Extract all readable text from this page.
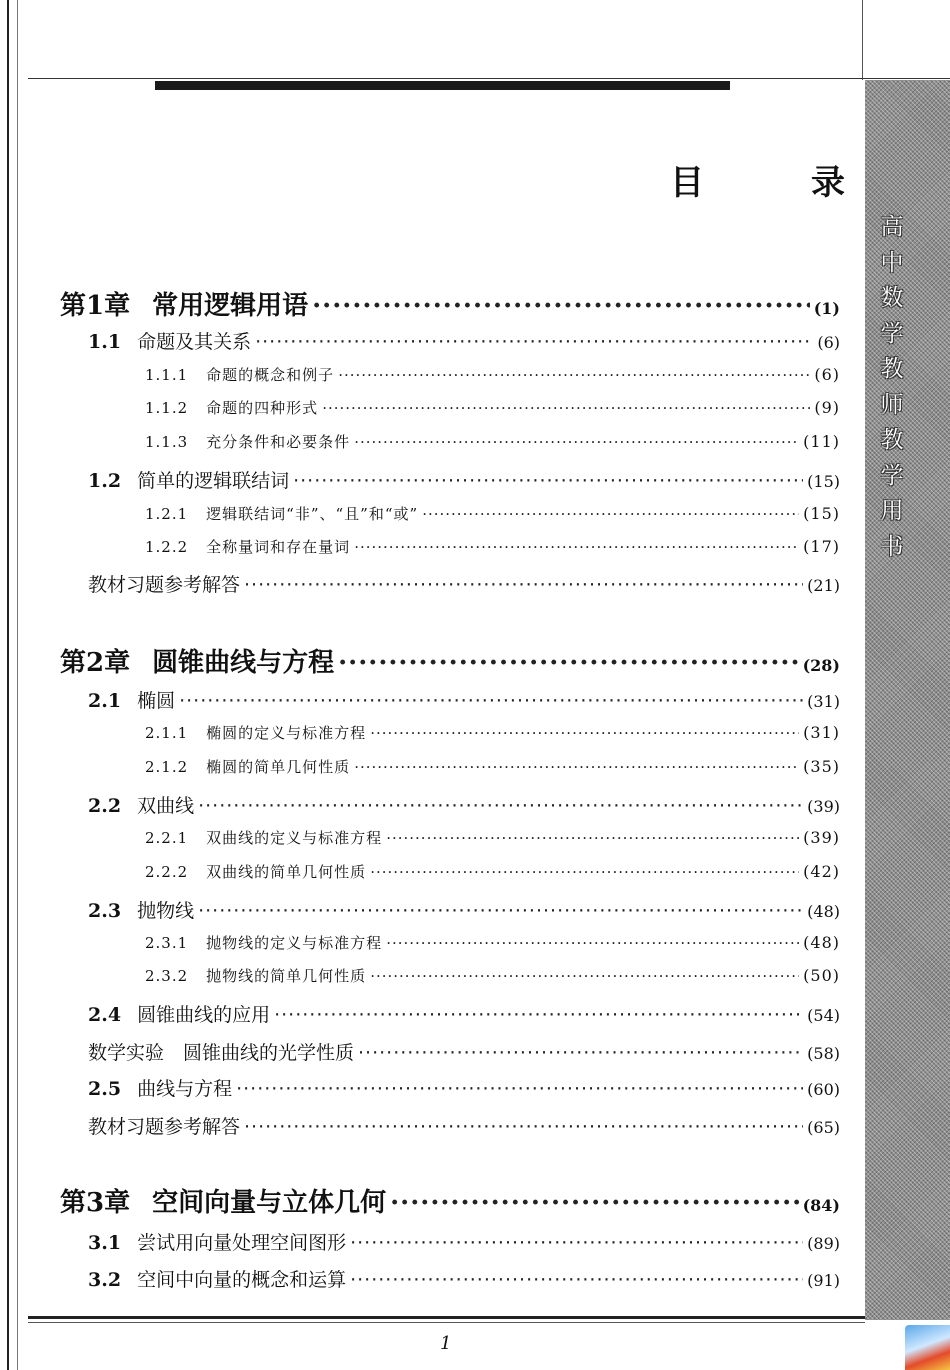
高
中
数
学
教
师
教
学
用
书
目	录
第1章 常用逻辑用语 ·····	(1)
1.1 命题及其关系 ·····	(6)
1.1.1 命题的概念和例子 ·····	(6)
1.1.2 命题的四种形式 ·····	(9)
1.1.3 充分条件和必要条件 ·····	(11)
1.2 简单的逻辑联结词 ·····	(15)
1.2.1 逻辑联结词“非”、“且”和“或” ·····	(15)
1.2.2 全称量词和存在量词 ·····	(17)
教材习题参考解答 ·····	(21)
第2章 圆锥曲线与方程 ·····	(28)
2.1 椭圆 ·····	(31)
2.1.1 椭圆的定义与标准方程 ·····	(31)
2.1.2 椭圆的简单几何性质 ·····	(35)
2.2 双曲线 ·····	(39)
2.2.1 双曲线的定义与标准方程 ·····	(39)
2.2.2 双曲线的简单几何性质 ·····	(42)
2.3 抛物线 ·····	(48)
2.3.1 抛物线的定义与标准方程 ·····	(48)
2.3.2 抛物线的简单几何性质 ·····	(50)
2.4 圆锥曲线的应用 ·····	(54)
数学实验　圆锥曲线的光学性质 ·····	(58)
2.5 曲线与方程 ·····	(60)
教材习题参考解答 ·····	(65)
第3章 空间向量与立体几何 ·····	(84)
3.1 尝试用向量处理空间图形 ·····	(89)
3.2 空间中向量的概念和运算 ·····	(91)
1
